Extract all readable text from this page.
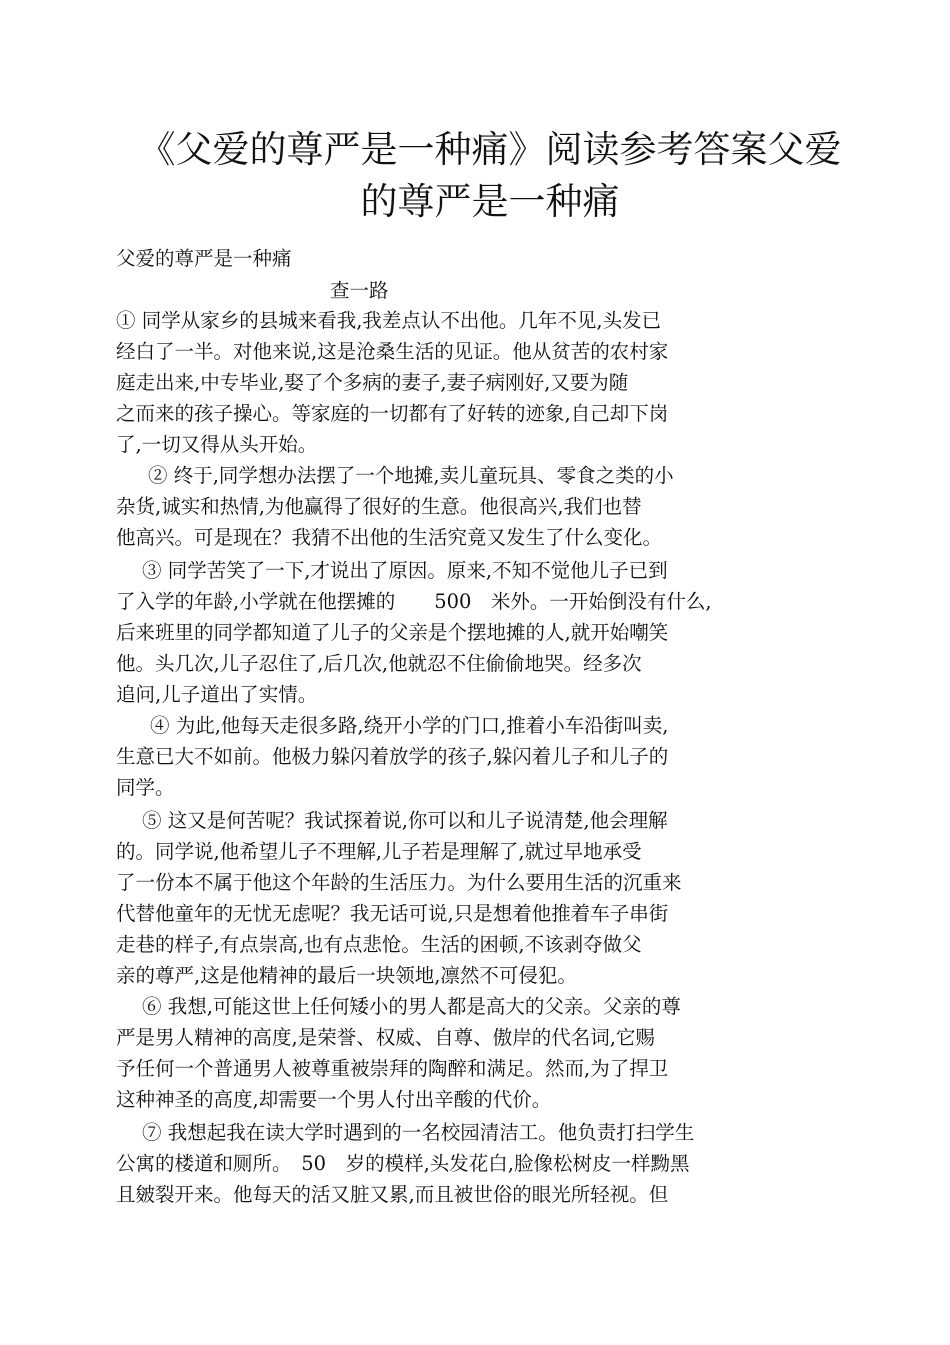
《父爱的尊严是一种痛》阅读参考答案父爱
的尊严是一种痛

父爱的尊严是一种痛

查一路

① 同学从家乡的县城来看我,我差点认不出他。几年不见,头发已

经白了一半。对他来说,这是沧桑生活的见证。他从贫苦的农村家

庭走出来,中专毕业,娶了个多病的妻子,妻子病刚好,又要为随

之而来的孩子操心。等家庭的一切都有了好转的迹象,自己却下岗

了,一切又得从头开始。

② 终于,同学想办法摆了一个地摊,卖儿童玩具、零食之类的小

杂货,诚实和热情,为他赢得了很好的生意。他很高兴,我们也替

他高兴。可是现在？我猜不出他的生活究竟又发生了什么变化。

③ 同学苦笑了一下,才说出了原因。原来,不知不觉他儿子已到

了入学的年龄,小学就在他摆摊的　　500　米外。一开始倒没有什么,

后来班里的同学都知道了儿子的父亲是个摆地摊的人,就开始嘲笑

他。头几次,儿子忍住了,后几次,他就忍不住偷偷地哭。经多次

追问,儿子道出了实情。

④ 为此,他每天走很多路,绕开小学的门口,推着小车沿街叫卖,

生意已大不如前。他极力躲闪着放学的孩子,躲闪着儿子和儿子的

同学。

⑤ 这又是何苦呢？我试探着说,你可以和儿子说清楚,他会理解

的。同学说,他希望儿子不理解,儿子若是理解了,就过早地承受

了一份本不属于他这个年龄的生活压力。为什么要用生活的沉重来

代替他童年的无忧无虑呢？我无话可说,只是想着他推着车子串街

走巷的样子,有点崇高,也有点悲怆。生活的困顿,不该剥夺做父

亲的尊严,这是他精神的最后一块领地,凛然不可侵犯。

⑥ 我想,可能这世上任何矮小的男人都是高大的父亲。父亲的尊

严是男人精神的高度,是荣誉、权威、自尊、傲岸的代名词,它赐

予任何一个普通男人被尊重被崇拜的陶醉和满足。然而,为了捍卫

这种神圣的高度,却需要一个男人付出辛酸的代价。

⑦ 我想起我在读大学时遇到的一名校园清洁工。他负责打扫学生

公寓的楼道和厕所。　50　岁的模样,头发花白,脸像松树皮一样黝黑

且皴裂开来。他每天的活又脏又累,而且被世俗的眼光所轻视。但
